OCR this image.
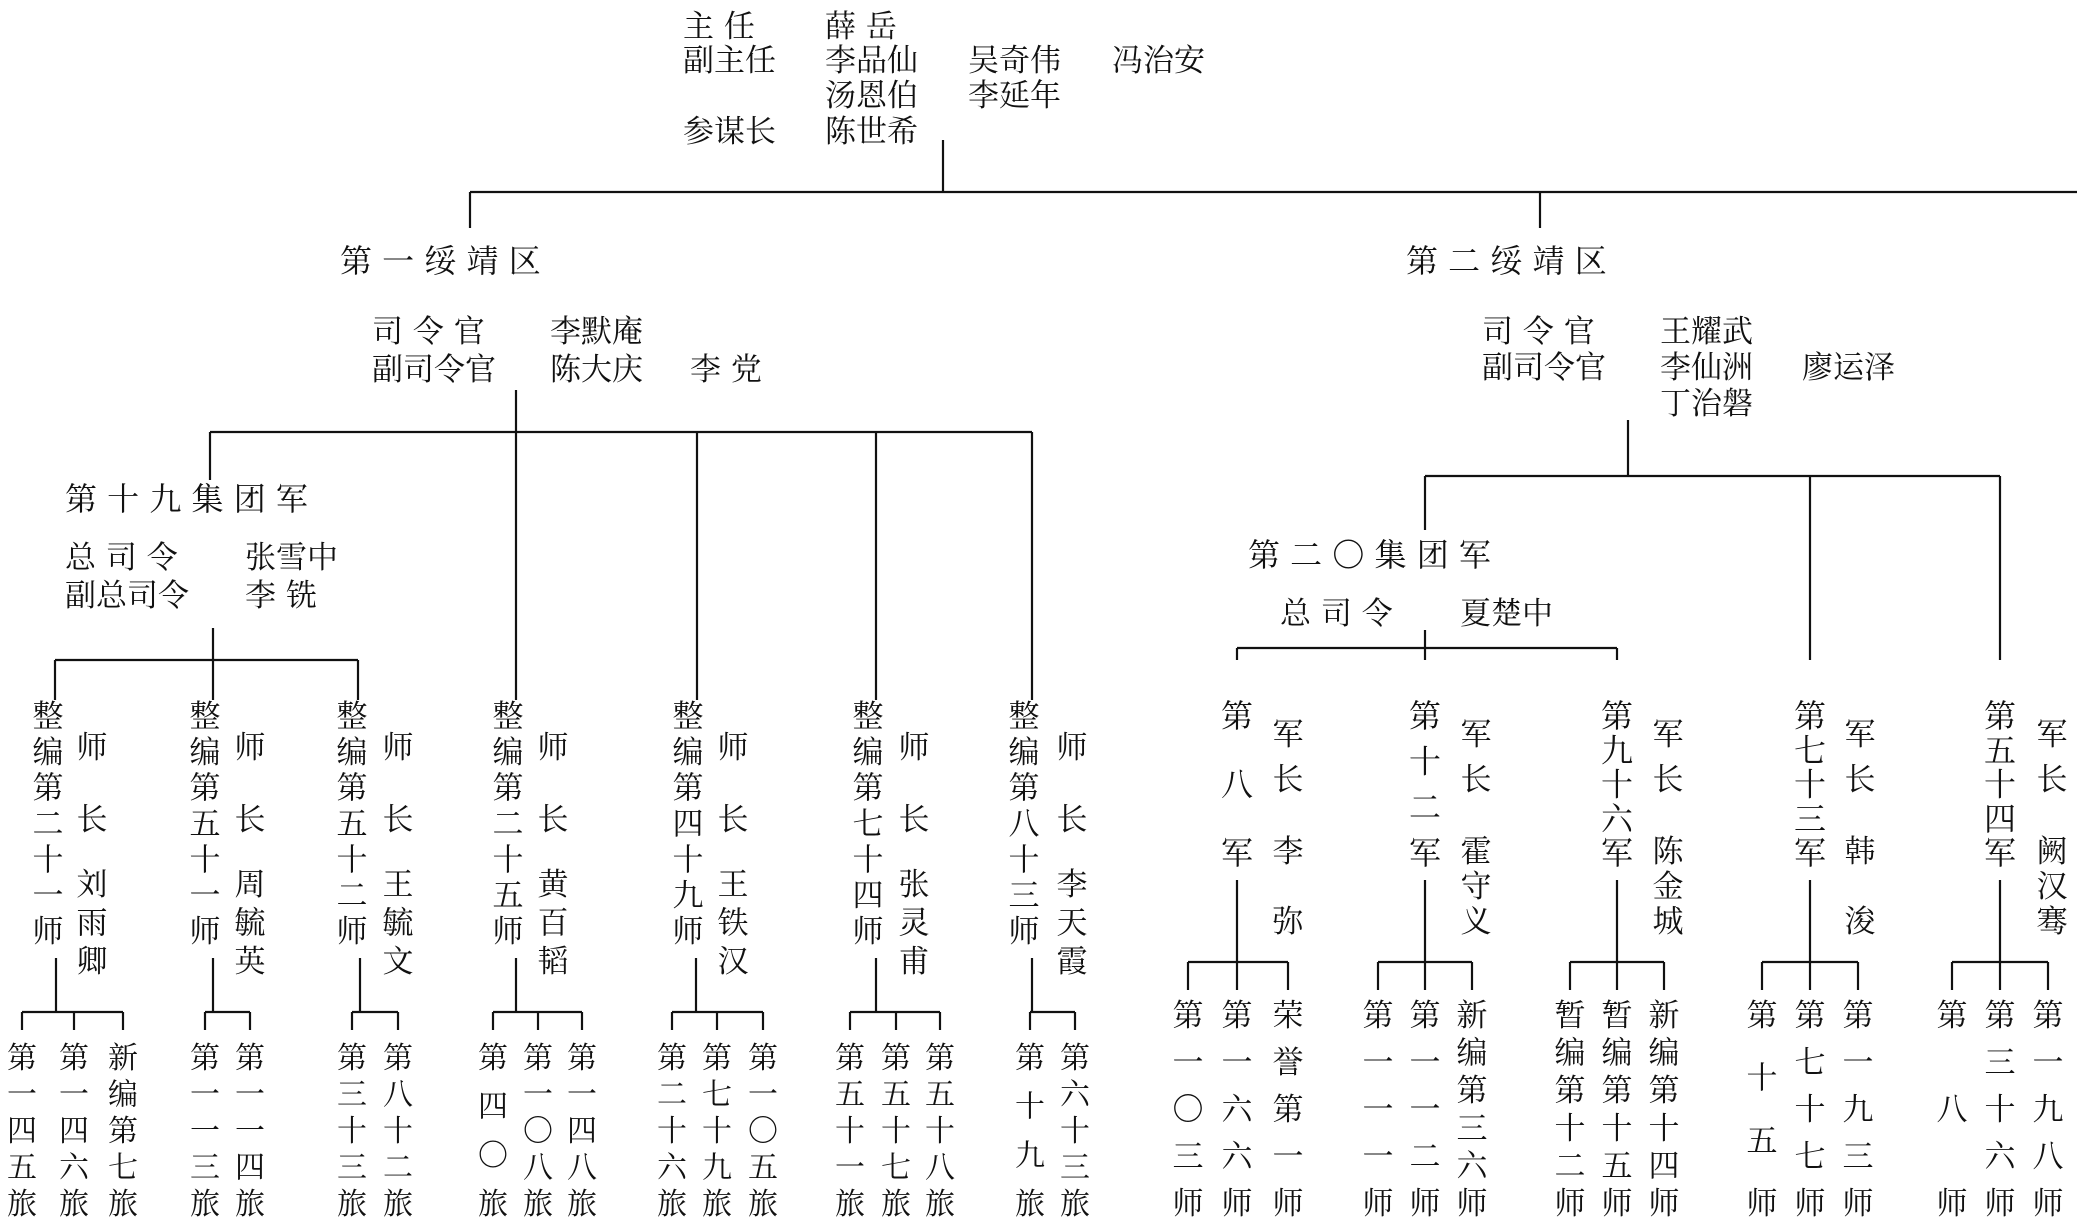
主 任 薛 岳
副主任 李品仙 吴奇伟 冯治安
汤恩伯 李延年
参谋长 陈世希
第 一 绥 靖 区
司 令 官 李默庵
副司令官 陈大庆 李 党
第 二 绥 靖 区
司 令 官 王耀武
副司令官 李仙洲 廖运泽
丁治磐
第 十 九 集 团 军
总 司 令 张雪中
副总司令 李 铣
第 二 〇 集 团 军
总 司 令 夏楚中
整
编
第
二
十
一
师
师
长
刘
雨
卿
第
一
四
五
旅
第
一
四
六
旅
新
编
第
七
旅
整
编
第
五
十
一
师
师
长
周
毓
英
第
一
一
三
旅
第
一
一
四
旅
整
编
第
五
十
二
师
师
长
王
毓
文
第
三
十
三
旅
第
八
十
二
旅
整
编
第
二
十
五
师
师
长
黄
百
韬
第
四
〇
旅
第
一
〇
八
旅
第
一
四
八
旅
整
编
第
四
十
九
师
师
长
王
铁
汉
第
二
十
六
旅
第
七
十
九
旅
第
一
〇
五
旅
整
编
第
七
十
四
师
师
长
张
灵
甫
第
五
十
一
旅
第
五
十
七
旅
第
五
十
八
旅
整
编
第
八
十
三
师
师
长
李
天
霞
第
十
九
旅
第
六
十
三
旅
第
八
军
军
长
李
弥
第
一
〇
三
师
第
一
六
六
师
荣
誉
第
一
师
第
十
二
军
军
长
霍
守
义
第
一
一
一
师
第
一
一
二
师
新
编
第
三
六
师
第
九
十
六
军
军
长
陈
金
城
暂
编
第
十
二
师
暂
编
第
十
五
师
新
编
第
十
四
师
第
七
十
三
军
军
长
韩
浚
第
十
五
师
第
七
十
七
师
第
一
九
三
师
第
五
十
四
军
军
长
阙
汉
骞
第
八
师
第
三
十
六
师
第
一
九
八
师
